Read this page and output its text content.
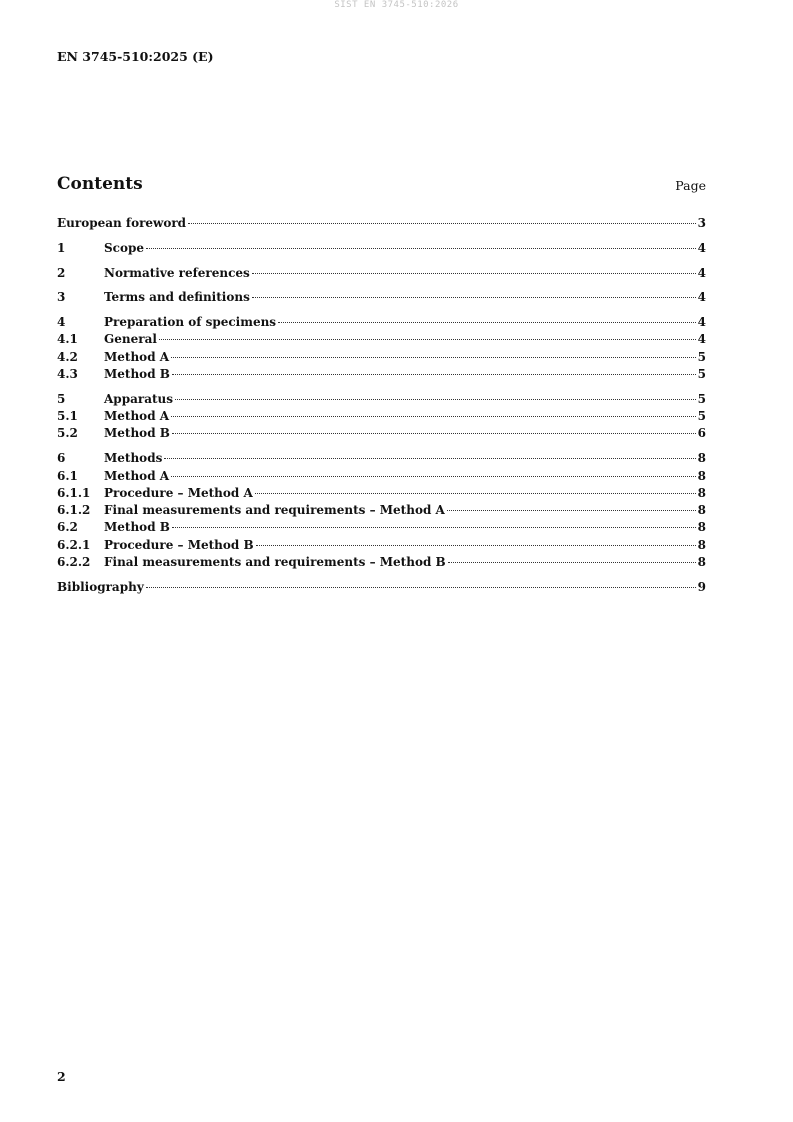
SIST EN 3745-510:2026
EN 3745-510:2025 (E)
Contents	Page
European foreword	3
1	Scope	4
2	Normative references	4
3	Terms and definitions	4
4	Preparation of specimens	4
4.1	General	4
4.2	Method A	5
4.3	Method B	5
5	Apparatus	5
5.1	Method A	5
5.2	Method B	6
6	Methods	8
6.1	Method A	8
6.1.1	Procedure – Method A	8
6.1.2	Final measurements and requirements – Method A	8
6.2	Method B	8
6.2.1	Procedure – Method B	8
6.2.2	Final measurements and requirements – Method B	8
Bibliography	9
2
